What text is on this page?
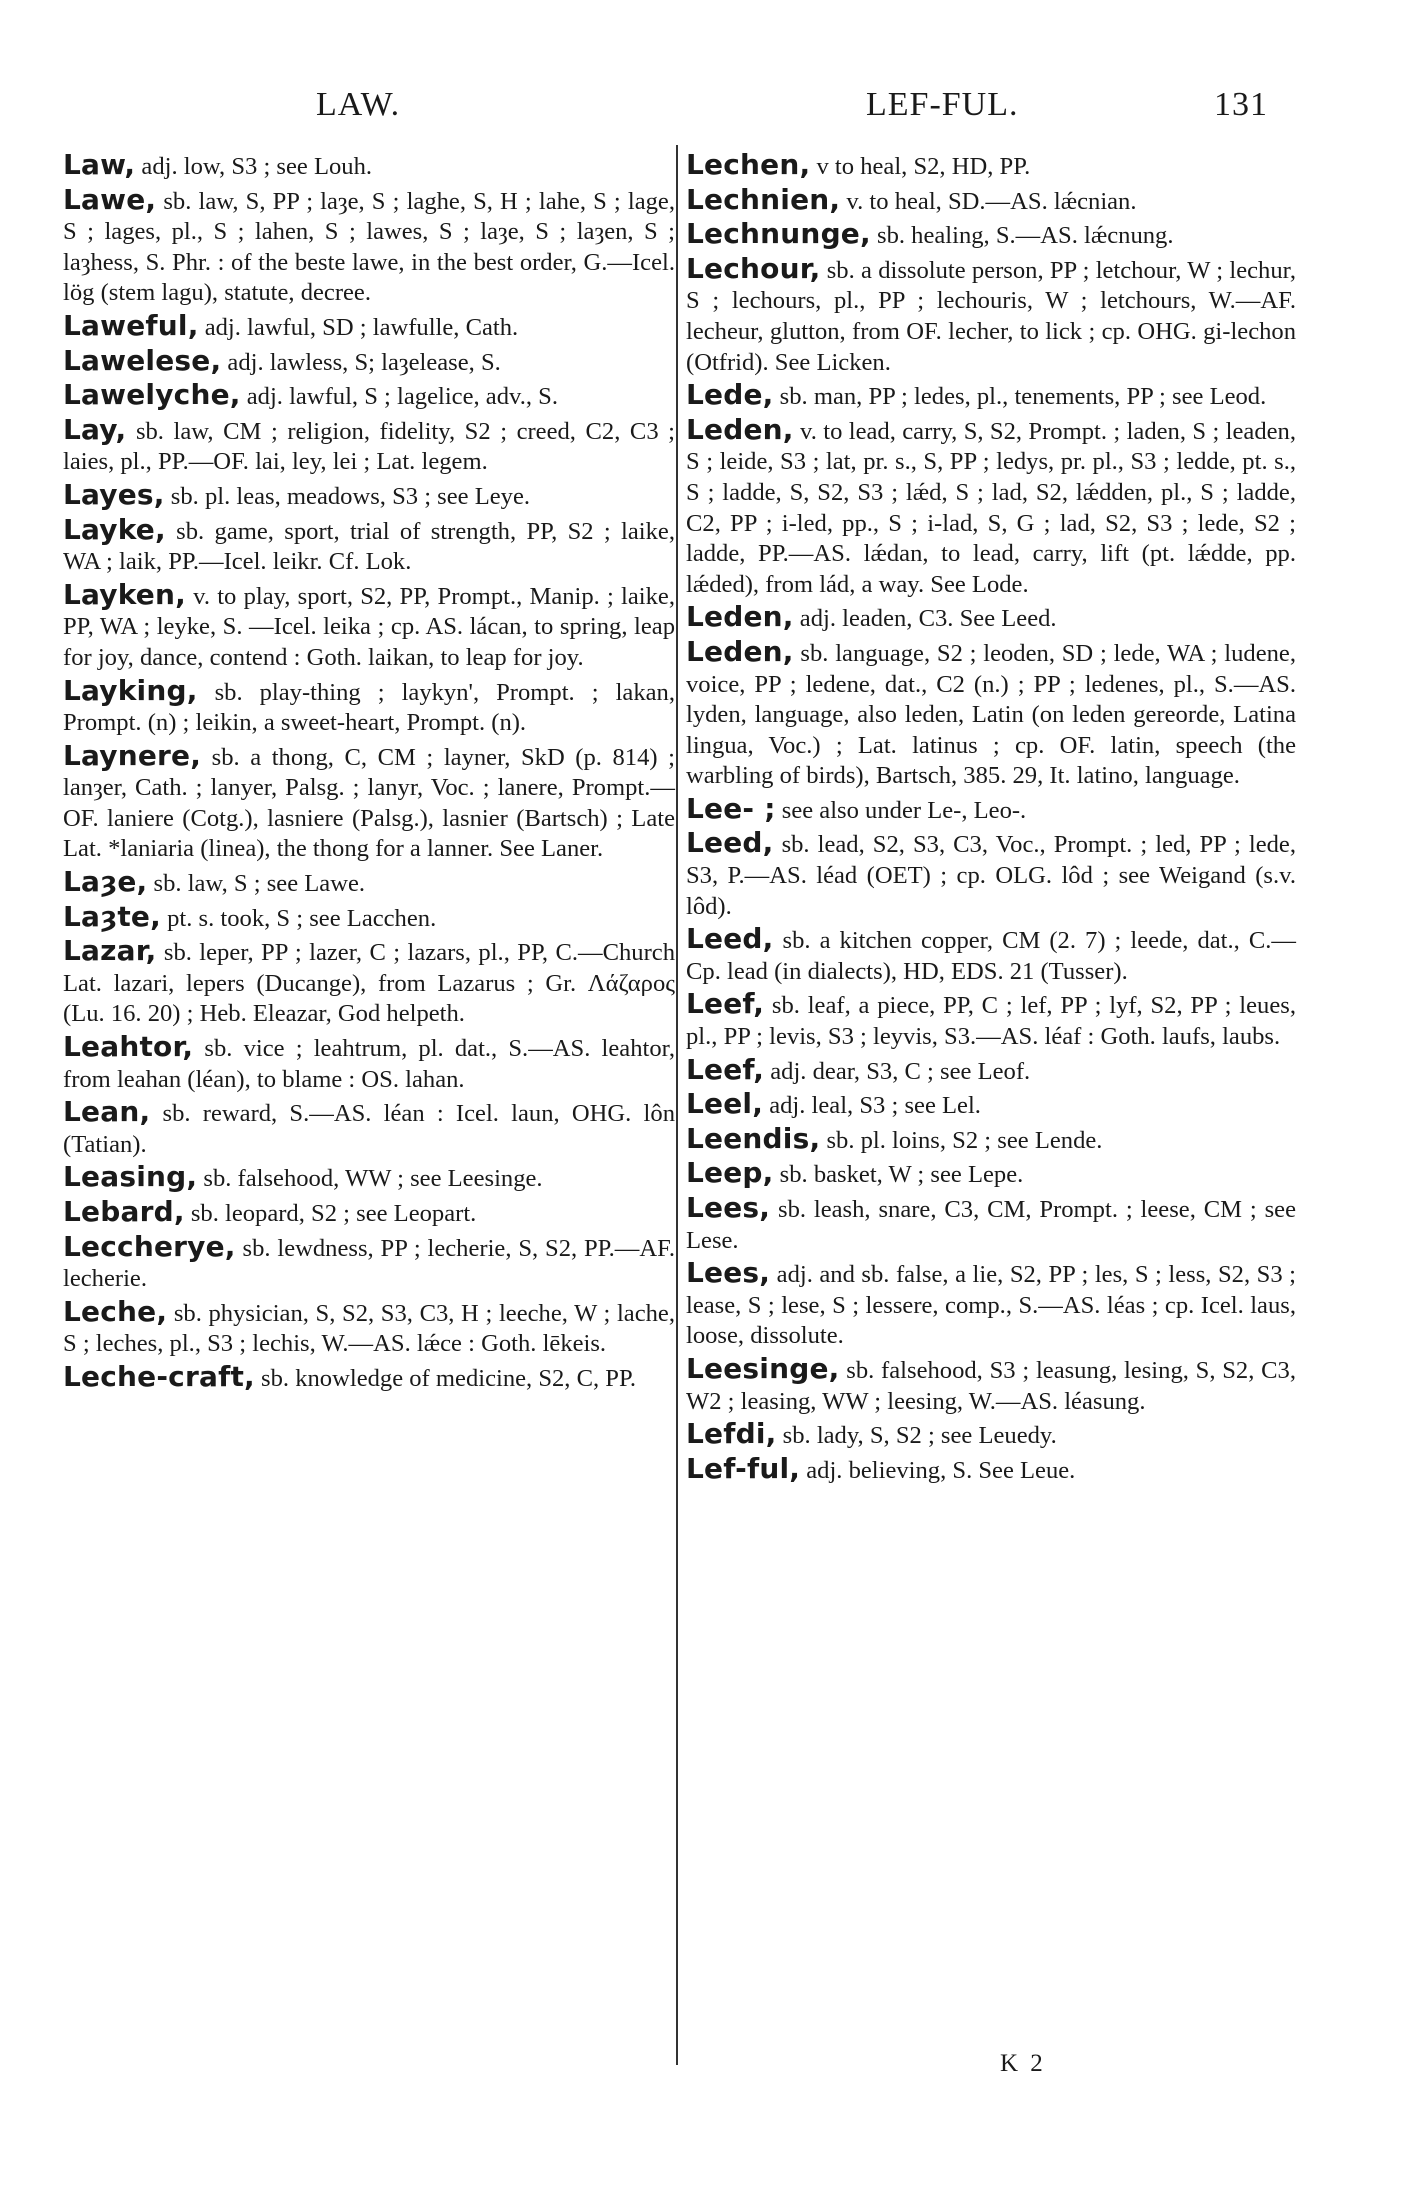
LAW.	LEF-FUL.	131

Law, adj. low, S3 ; see Louh.

Lawe, sb. law, S, PP ; laȝe, S ; laghe, S, H ; lahe, S ; lage, S ; lages, pl., S ; lahen, S ; lawes, S ; laȝe, S ; laȝen, S ; laȝhess, S. Phr. : of the beste lawe, in the best order, G.—Icel. lög (stem lagu), statute, decree.

Laweful, adj. lawful, SD ; lawfulle, Cath.

Lawelese, adj. lawless, S; laȝelease, S.

Lawelyche, adj. lawful, S ; lagelice, adv., S.

Lay, sb. law, CM ; religion, fidelity, S2 ; creed, C2, C3 ; laies, pl., PP.—OF. lai, ley, lei ; Lat. legem.

Layes, sb. pl. leas, meadows, S3 ; see Leye.

Layke, sb. game, sport, trial of strength, PP, S2 ; laike, WA ; laik, PP.—Icel. leikr. Cf. Lok.

Layken, v. to play, sport, S2, PP, Prompt., Manip. ; laike, PP, WA ; leyke, S. —Icel. leika ; cp. AS. lácan, to spring, leap for joy, dance, contend : Goth. laikan, to leap for joy.

Layking, sb. play-thing ; laykyn', Prompt. ; lakan, Prompt. (n) ; leikin, a sweet-heart, Prompt. (n).

Laynere, sb. a thong, C, CM ; layner, SkD (p. 814) ; lanȝer, Cath. ; lanyer, Palsg. ; lanyr, Voc. ; lanere, Prompt.— OF. laniere (Cotg.), lasniere (Palsg.), lasnier (Bartsch) ; Late Lat. *laniaria (linea), the thong for a lanner. See Laner.

Laȝe, sb. law, S ; see Lawe.

Laȝte, pt. s. took, S ; see Lacchen.

Lazar, sb. leper, PP ; lazer, C ; lazars, pl., PP, C.—Church Lat. lazari, lepers (Ducange), from Lazarus ; Gr. Λάζαρος (Lu. 16. 20) ; Heb. Eleazar, God helpeth.

Leahtor, sb. vice ; leahtrum, pl. dat., S.—AS. leahtor, from leahan (léan), to blame : OS. lahan.

Lean, sb. reward, S.—AS. léan : Icel. laun, OHG. lôn (Tatian).

Leasing, sb. falsehood, WW ; see Leesinge.

Lebard, sb. leopard, S2 ; see Leopart.

Leccherye, sb. lewdness, PP ; lecherie, S, S2, PP.—AF. lecherie.

Leche, sb. physician, S, S2, S3, C3, H ; leeche, W ; lache, S ; leches, pl., S3 ; lechis, W.—AS. lǽce : Goth. lēkeis.

Leche-craft, sb. knowledge of medicine, S2, C, PP.

Lechen, v to heal, S2, HD, PP.

Lechnien, v. to heal, SD.—AS. lǽcnian.

Lechnunge, sb. healing, S.—AS. lǽcnung.

Lechour, sb. a dissolute person, PP ; letchour, W ; lechur, S ; lechours, pl., PP ; lechouris, W ; letchours, W.—AF. lecheur, glutton, from OF. lecher, to lick ; cp. OHG. gi-lechon (Otfrid). See Licken.

Lede, sb. man, PP ; ledes, pl., tenements, PP ; see Leod.

Leden, v. to lead, carry, S, S2, Prompt. ; laden, S ; leaden, S ; leide, S3 ; lat, pr. s., S, PP ; ledys, pr. pl., S3 ; ledde, pt. s., S ; ladde, S, S2, S3 ; lǽd, S ; lad, S2, lǽdden, pl., S ; ladde, C2, PP ; i-led, pp., S ; i-lad, S, G ; lad, S2, S3 ; lede, S2 ; ladde, PP.—AS. lǽdan, to lead, carry, lift (pt. lǽdde, pp. lǽded), from lád, a way. See Lode.

Leden, adj. leaden, C3. See Leed.

Leden, sb. language, S2 ; leoden, SD ; lede, WA ; ludene, voice, PP ; ledene, dat., C2 (n.) ; PP ; ledenes, pl., S.—AS. lyden, language, also leden, Latin (on leden gereorde, Latina lingua, Voc.) ; Lat. latinus ; cp. OF. latin, speech (the warbling of birds), Bartsch, 385. 29, It. latino, language.

Lee- ; see also under Le-, Leo-.

Leed, sb. lead, S2, S3, C3, Voc., Prompt. ; led, PP ; lede, S3, P.—AS. léad (OET) ; cp. OLG. lôd ; see Weigand (s.v. lôd).

Leed, sb. a kitchen copper, CM (2. 7) ; leede, dat., C.—Cp. lead (in dialects), HD, EDS. 21 (Tusser).

Leef, sb. leaf, a piece, PP, C ; lef, PP ; lyf, S2, PP ; leues, pl., PP ; levis, S3 ; leyvis, S3.—AS. léaf : Goth. laufs, laubs.

Leef, adj. dear, S3, C ; see Leof.

Leel, adj. leal, S3 ; see Lel.

Leendis, sb. pl. loins, S2 ; see Lende.

Leep, sb. basket, W ; see Lepe.

Lees, sb. leash, snare, C3, CM, Prompt. ; leese, CM ; see Lese.

Lees, adj. and sb. false, a lie, S2, PP ; les, S ; less, S2, S3 ; lease, S ; lese, S ; lessere, comp., S.—AS. léas ; cp. Icel. laus, loose, dissolute.

Leesinge, sb. falsehood, S3 ; leasung, lesing, S, S2, C3, W2 ; leasing, WW ; leesing, W.—AS. léasung.

Lefdi, sb. lady, S, S2 ; see Leuedy.

Lef-ful, adj. believing, S. See Leue.

K 2
